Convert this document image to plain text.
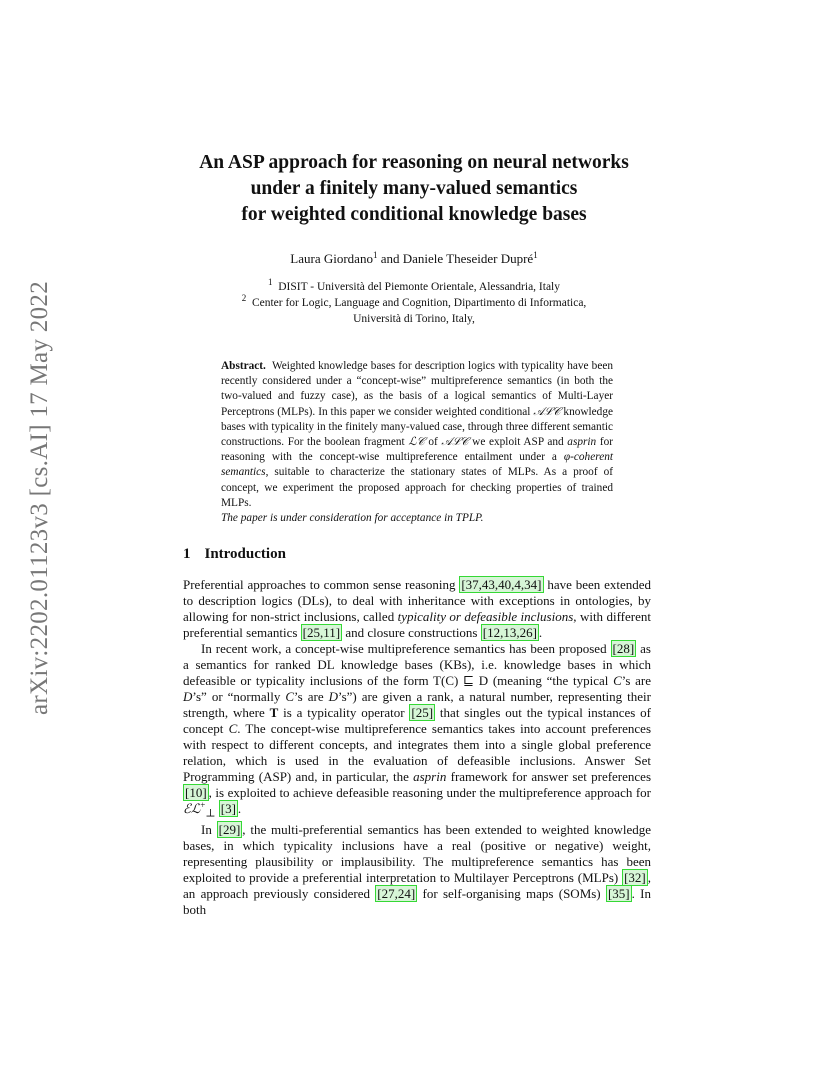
arXiv:2202.01123v3 [cs.AI] 17 May 2022
An ASP approach for reasoning on neural networks
under a finitely many-valued semantics
for weighted conditional knowledge bases
Laura Giordano$^1$ and Daniele Theseider Dupré$^1$
$^1$ DISIT - Università del Piemonte Orientale, Alessandria, Italy
$^2$ Center for Logic, Language and Cognition, Dipartimento di Informatica,
Università di Torino, Italy,
Abstract. Weighted knowledge bases for description logics with typicality have been recently considered under a “concept-wise” multipreference semantics (in both the two-valued and fuzzy case), as the basis of a logical semantics of Multi-Layer Perceptrons (MLPs). In this paper we consider weighted conditional 𝒜ℒ𝒞 knowledge bases with typicality in the finitely many-valued case, through three different semantic constructions. For the boolean fragment ℒ𝒞 of 𝒜ℒ𝒞 we exploit ASP and asprin for reasoning with the concept-wise multipreference entailment under a φ-coherent semantics, suitable to characterize the stationary states of MLPs. As a proof of concept, we experiment the proposed approach for checking properties of trained MLPs.
The paper is under consideration for acceptance in TPLP.
1 Introduction

Preferential approaches to common sense reasoning [37,43,40,4,34] have been extended to description logics (DLs), to deal with inheritance with exceptions in ontologies, by allowing for non-strict inclusions, called typicality or defeasible inclusions, with different preferential semantics [25,11] and closure constructions [12,13,26] .

In recent work, a concept-wise multipreference semantics has been proposed [28] as a semantics for ranked DL knowledge bases (KBs), i.e. knowledge bases in which defeasible or typicality inclusions of the form T(C) ⊑ D (meaning “the typical C’s are D’s” or “normally C’s are D’s”) are given a rank, a natural number, representing their strength, where T is a typicality operator [25] that singles out the typical instances of concept C. The concept-wise multipreference semantics takes into account preferences with respect to different concepts, and integrates them into a single global preference relation, which is used in the evaluation of defeasible inclusions. Answer Set Programming (ASP) and, in particular, the asprin framework for answer set preferences [10] , is exploited to achieve defeasible reasoning under the multipreference approach for ℰℒ+$_\perp$ [3] .

In [29] , the multi-preferential semantics has been extended to weighted knowledge bases, in which typicality inclusions have a real (positive or negative) weight, representing plausibility or implausibility. The multipreference semantics has been exploited to provide a preferential interpretation to Multilayer Perceptrons (MLPs) [32] , an approach previously considered [27,24] for self-organising maps (SOMs) [35] . In both
